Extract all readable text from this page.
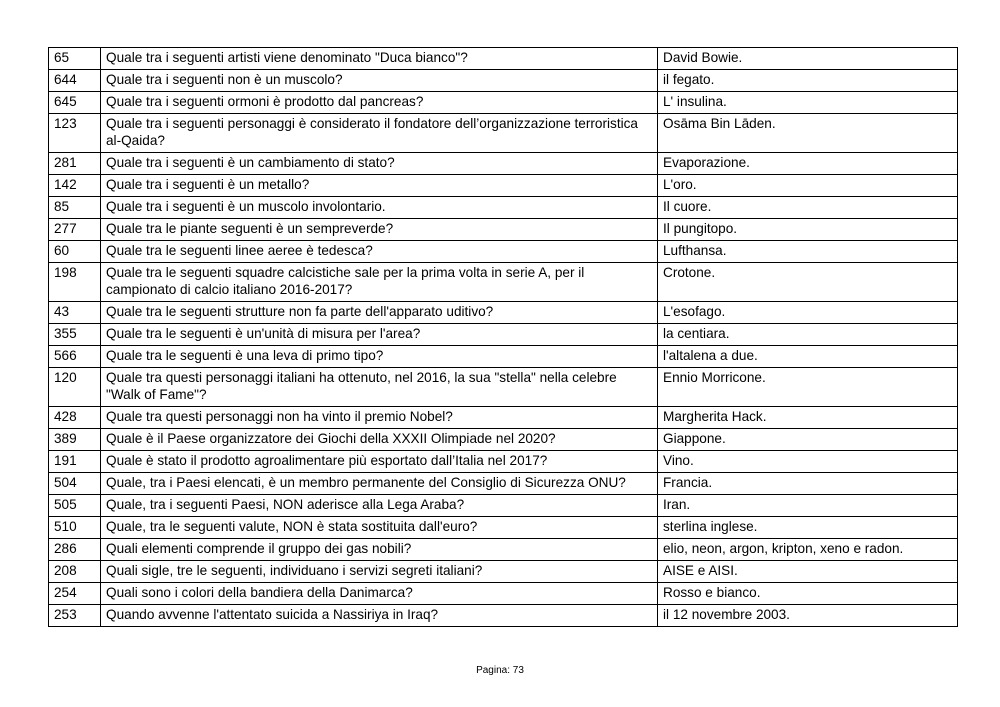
65	Quale tra i seguenti artisti viene denominato "Duca bianco"?	David Bowie.
644	Quale tra i seguenti non è un muscolo?	il fegato.
645	Quale tra i seguenti ormoni è prodotto dal pancreas?	L' insulina.
123	Quale tra i seguenti personaggi è considerato il fondatore dell’organizzazione terroristica al-Qaida?	Osāma Bin Lāden.
281	Quale tra i seguenti è un cambiamento di stato?	Evaporazione.
142	Quale tra i seguenti è un metallo?	L'oro.
85	Quale tra i seguenti è un muscolo involontario.	Il cuore.
277	Quale tra le piante seguenti è un sempreverde?	Il pungitopo.
60	Quale tra le seguenti linee aeree è tedesca?	Lufthansa.
198	Quale tra le seguenti squadre calcistiche sale per la prima volta in serie A, per il campionato di calcio italiano 2016-2017?	Crotone.
43	Quale tra le seguenti strutture non fa parte dell'apparato uditivo?	L'esofago.
355	Quale tra le seguenti è un'unità di misura per l'area?	la centiara.
566	Quale tra le seguenti è una leva di primo tipo?	l'altalena a due.
120	Quale tra questi personaggi italiani ha ottenuto, nel 2016, la sua "stella" nella celebre "Walk of Fame"?	Ennio Morricone.
428	Quale tra questi personaggi non ha vinto il premio Nobel?	Margherita Hack.
389	Quale è il Paese organizzatore dei Giochi della XXXII Olimpiade nel 2020?	Giappone.
191	Quale è stato il prodotto agroalimentare più esportato dall’Italia nel 2017?	Vino.
504	Quale, tra i Paesi elencati, è un membro permanente del Consiglio di Sicurezza ONU?	Francia.
505	Quale, tra i seguenti Paesi, NON aderisce alla Lega Araba?	Iran.
510	Quale, tra le seguenti valute, NON è stata sostituita dall'euro?	sterlina inglese.
286	Quali elementi comprende il gruppo dei gas nobili?	elio, neon, argon, kripton, xeno e radon.
208	Quali sigle, tre le seguenti, individuano i servizi segreti italiani?	AISE e AISI.
254	Quali sono i colori della bandiera della Danimarca?	Rosso e bianco.
253	Quando avvenne l'attentato suicida a Nassiriya in Iraq?	il 12 novembre 2003.
Pagina: 73
